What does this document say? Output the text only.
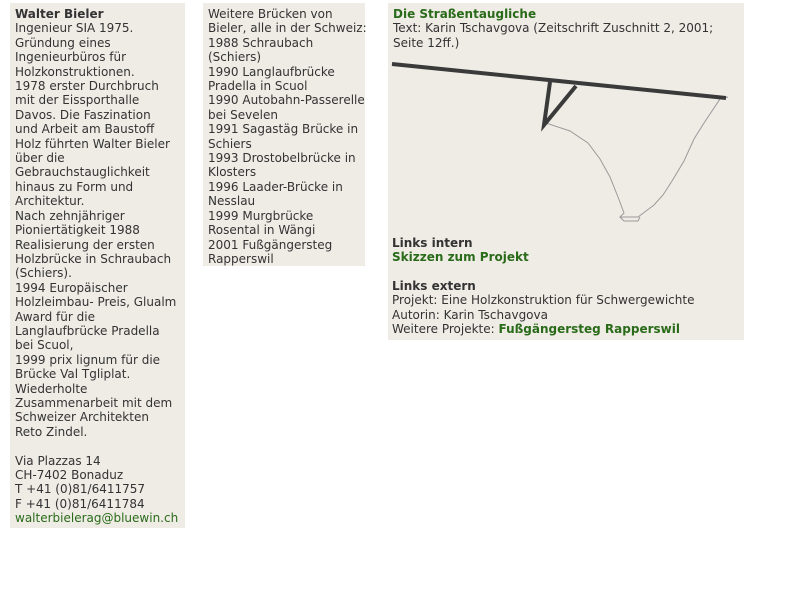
Walter Bieler
Ingenieur SIA 1975.
Gründung eines
Ingenieurbüros für
Holzkonstruktionen.
1978 erster Durchbruch
mit der Eissporthalle
Davos. Die Faszination
und Arbeit am Baustoff
Holz führten Walter Bieler
über die
Gebrauchstauglichkeit
hinaus zu Form und
Architektur.
Nach zehnjähriger
Pioniertätigkeit 1988
Realisierung der ersten
Holzbrücke in Schraubach
(Schiers).
1994 Europäischer
Holzleimbau- Preis, Glualm
Award für die
Langlaufbrücke Pradella
bei Scuol,
1999 prix lignum für die
Brücke Val Tgliplat.
Wiederholte
Zusammenarbeit mit dem
Schweizer Architekten
Reto Zindel.
Via Plazzas 14
CH-7402 Bonaduz
T +41 (0)81/6411757
F +41 (0)81/6411784
walterbielerag@bluewin.ch
Weitere Brücken von
Bieler, alle in der Schweiz:
1988 Schraubach
(Schiers)
1990 Langlaufbrücke
Pradella in Scuol
1990 Autobahn-Passerelle
bei Sevelen
1991 Sagastäg Brücke in
Schiers
1993 Drostobelbrücke in
Klosters
1996 Laader-Brücke in
Nesslau
1999 Murgbrücke
Rosental in Wängi
2001 Fußgängersteg
Rapperswil
Die Straßentaugliche
Text: Karin Tschavgova (Zeitschrift Zuschnitt 2, 2001;
Seite 12ff.)
Links intern
Skizzen zum Projekt
Links extern
Projekt: Eine Holzkonstruktion für Schwergewichte
Autorin: Karin Tschavgova
Weitere Projekte: Fußgängersteg Rapperswil
